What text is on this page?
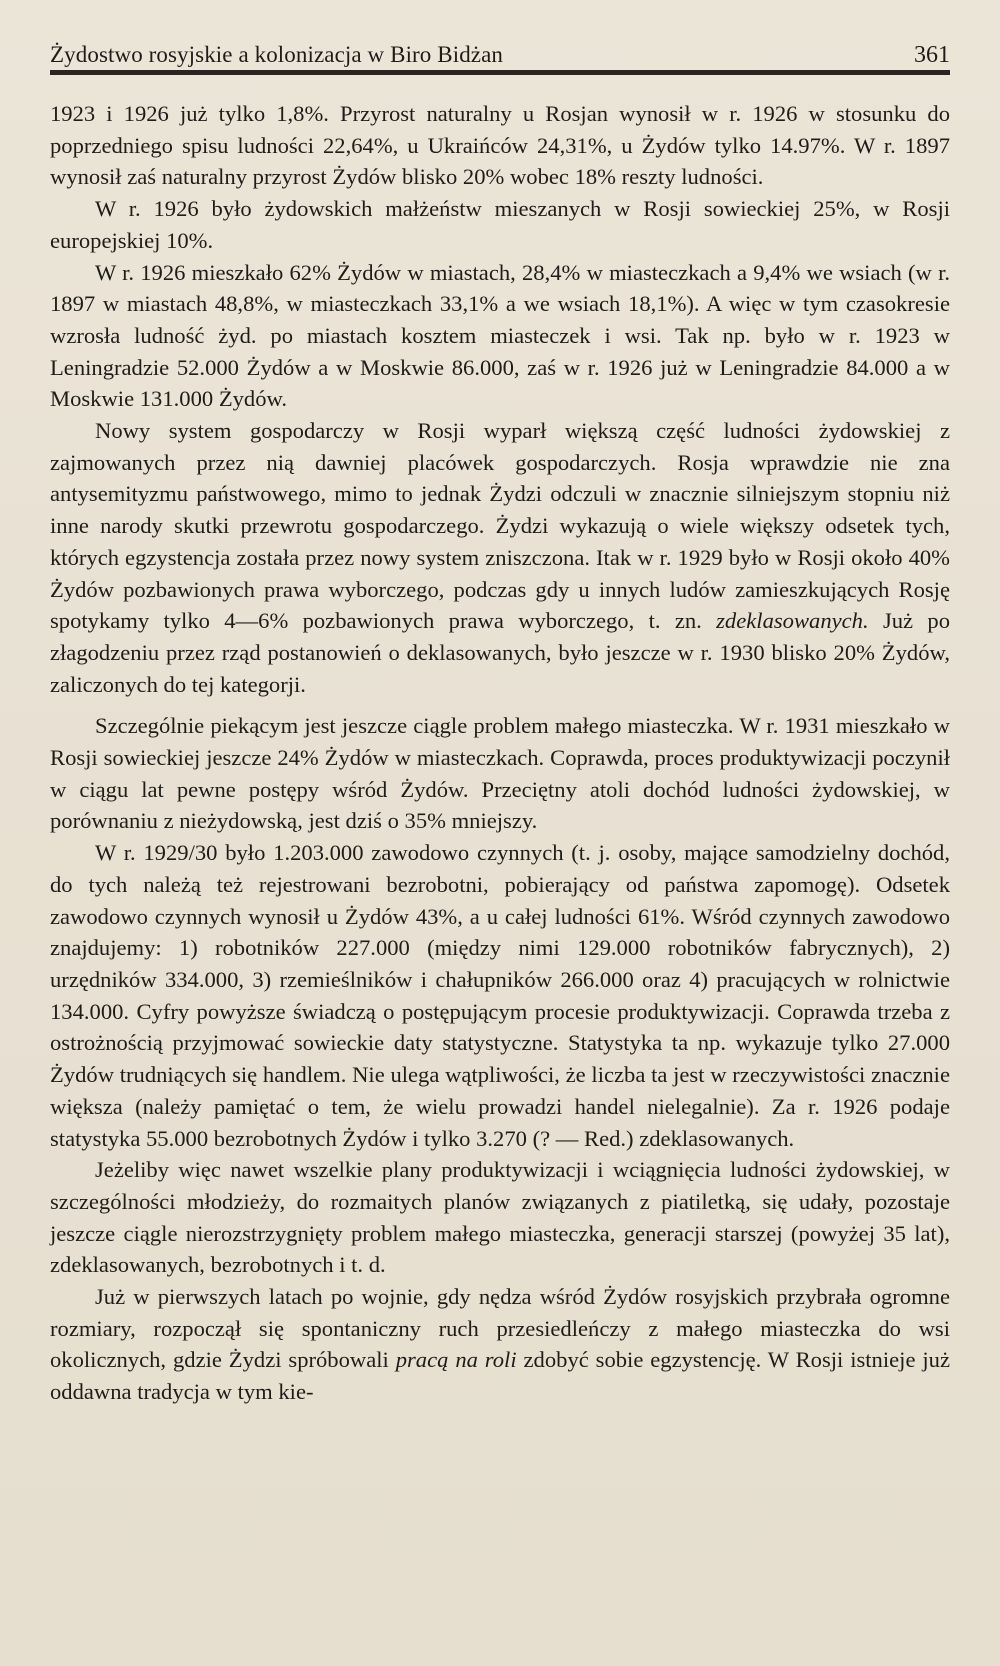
Żydostwo rosyjskie a kolonizacja w Biro Bidżan	361

1923 i 1926 już tylko 1,8%. Przyrost naturalny u Rosjan wynosił w r. 1926 w stosunku do poprzedniego spisu ludności 22,64%, u Ukraińców 24,31%, u Żydów tylko 14.97%. W r. 1897 wynosił zaś naturalny przyrost Żydów blisko 20% wobec 18% reszty ludności.

W r. 1926 było żydowskich małżeństw mieszanych w Rosji sowieckiej 25%, w Rosji europejskiej 10%.

W r. 1926 mieszkało 62% Żydów w miastach, 28,4% w miasteczkach a 9,4% we wsiach (w r. 1897 w miastach 48,8%, w miasteczkach 33,1% a we wsiach 18,1%). A więc w tym czasokresie wzrosła ludność żyd. po miastach kosztem miasteczek i wsi. Tak np. było w r. 1923 w Leningradzie 52.000 Żydów a w Moskwie 86.000, zaś w r. 1926 już w Leningradzie 84.000 a w Moskwie 131.000 Żydów.

Nowy system gospodarczy w Rosji wyparł większą część ludności żydowskiej z zajmowanych przez nią dawniej placówek gospodarczych. Rosja wprawdzie nie zna antysemityzmu państwowego, mimo to jednak Żydzi odczuli w znacznie silniejszym stopniu niż inne narody skutki przewrotu gospodarczego. Żydzi wykazują o wiele większy odsetek tych, których egzystencja została przez nowy system zniszczona. Itak w r. 1929 było w Rosji około 40% Żydów pozbawionych prawa wyborczego, podczas gdy u innych ludów zamieszkujących Rosję spotykamy tylko 4—6% pozbawionych prawa wyborczego, t. zn. zdeklasowanych. Już po złagodzeniu przez rząd postanowień o deklasowanych, było jeszcze w r. 1930 blisko 20% Żydów, zaliczonych do tej kategorji.

Szczególnie piekącym jest jeszcze ciągle problem małego miasteczka. W r. 1931 mieszkało w Rosji sowieckiej jeszcze 24% Żydów w miasteczkach. Coprawda, proces produktywizacji poczynił w ciągu lat pewne postępy wśród Żydów. Przeciętny atoli dochód ludności żydowskiej, w porównaniu z nieżydowską, jest dziś o 35% mniejszy.

W r. 1929/30 było 1.203.000 zawodowo czynnych (t. j. osoby, mające samodzielny dochód, do tych należą też rejestrowani bezrobotni, pobierający od państwa zapomogę). Odsetek zawodowo czynnych wynosił u Żydów 43%, a u całej ludności 61%. Wśród czynnych zawodowo znajdujemy: 1) robotników 227.000 (między nimi 129.000 robotników fabrycznych), 2) urzędników 334.000, 3) rzemieślników i chałupników 266.000 oraz 4) pracujących w rolnictwie 134.000. Cyfry powyższe świadczą o postępującym procesie produktywizacji. Coprawda trzeba z ostrożnością przyjmować sowieckie daty statystyczne. Statystyka ta np. wykazuje tylko 27.000 Żydów trudniących się handlem. Nie ulega wątpliwości, że liczba ta jest w rzeczywistości znacznie większa (należy pamiętać o tem, że wielu prowadzi handel nielegalnie). Za r. 1926 podaje statystyka 55.000 bezrobotnych Żydów i tylko 3.270 (? — Red.) zdeklasowanych.

Jeżeliby więc nawet wszelkie plany produktywizacji i wciągnięcia ludności żydowskiej, w szczególności młodzieży, do rozmaitych planów związanych z piatiletką, się udały, pozostaje jeszcze ciągle nierozstrzygnięty problem małego miasteczka, generacji starszej (powyżej 35 lat), zdeklasowanych, bezrobotnych i t. d.

Już w pierwszych latach po wojnie, gdy nędza wśród Żydów rosyjskich przybrała ogromne rozmiary, rozpoczął się spontaniczny ruch przesiedleńczy z małego miasteczka do wsi okolicznych, gdzie Żydzi spróbowali pracą na roli zdobyć sobie egzystencję. W Rosji istnieje już oddawna tradycja w tym kie-
